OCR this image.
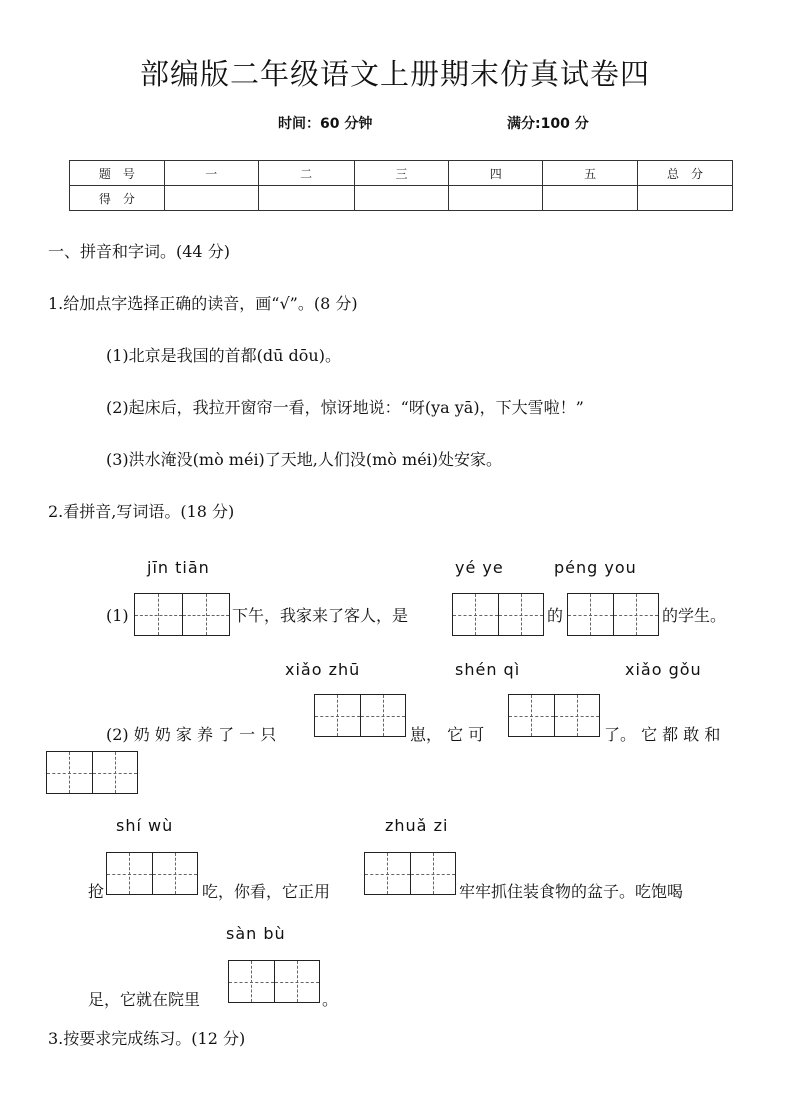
部编版二年级语文上册期末仿真试卷四
时间：60 分钟	满分:100 分
题　号	一	二	三	四	五	总　分
得　分						
一、拼音和字词。(44 分)
1.给加点字选择正确的读音，画“√”。(8 分)
(1)北京是我国的首都(dū dōu)。
(2)起床后，我拉开窗帘一看，惊讶地说：“呀(ya yā)，下大雪啦！”
(3)洪水淹没(mò méi)了天地,人们没(mò méi)处安家。
2.看拼音,写词语。(18 分)
jīn tiān	yé ye	péng you
(1)	下午，我家来了客人，是	的	的学生。
xiǎo zhū	shén qì	xiǎo gǒu
(2) 奶 奶 家 养 了 一 只	崽， 它 可	了。 它 都 敢 和
shí wù	zhuǎ zi
抢	吃，你看，它正用	牢牢抓住装食物的盆子。吃饱喝
sàn bù
足，它就在院里	。
3.按要求完成练习。(12 分)
